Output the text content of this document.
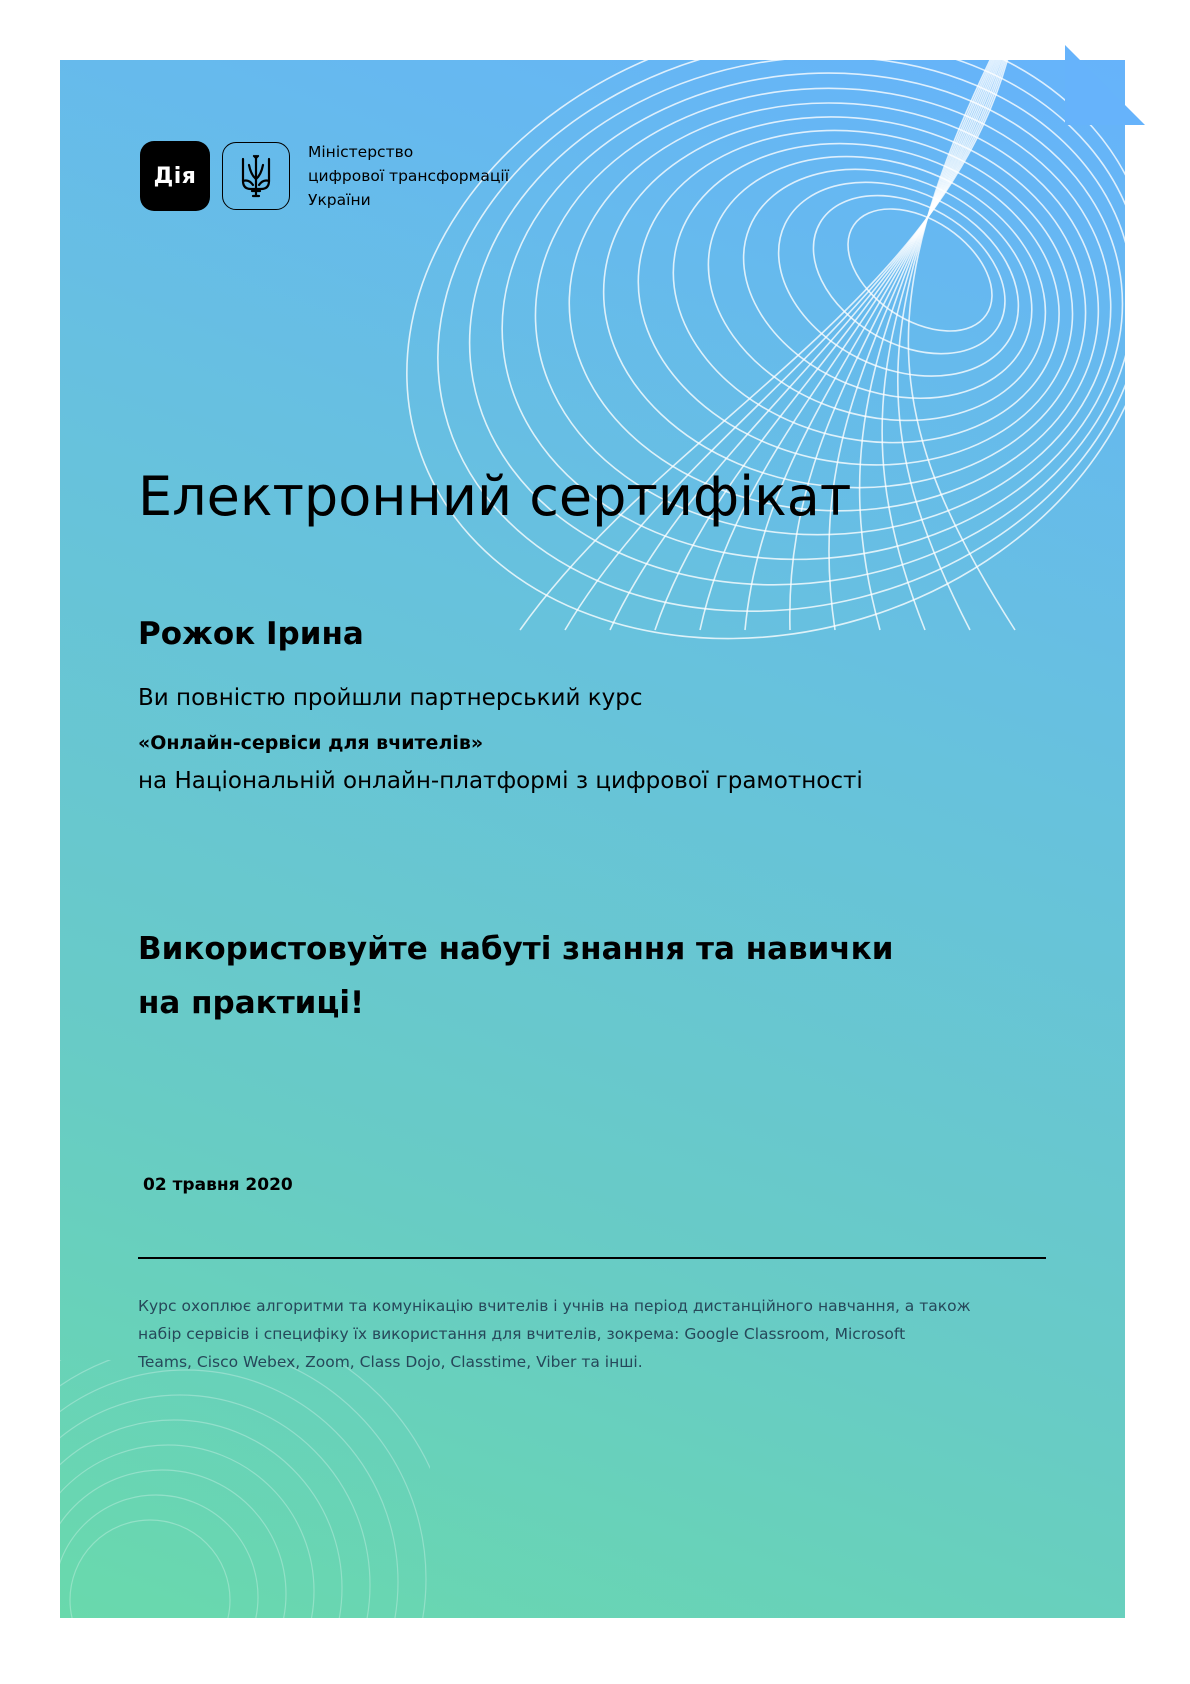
Дія
Міністерство
цифрової трансформації
України
Електронний сертифікат
Рожок Ірина
Ви повністю пройшли партнерський курс
«Онлайн-сервіси для вчителів»
на Національній онлайн-платформі з цифрової грамотності
Використовуйте набуті знання та навички
на практиці!
02 травня 2020
Курс охоплює алгоритми та комунікацію вчителів і учнів на період дистанційного навчання, а також
набір сервісів і специфіку їх використання для вчителів, зокрема: Google Classroom, Microsoft
Teams, Cisco Webex, Zoom, Class Dojo, Classtime, Viber та інші.
